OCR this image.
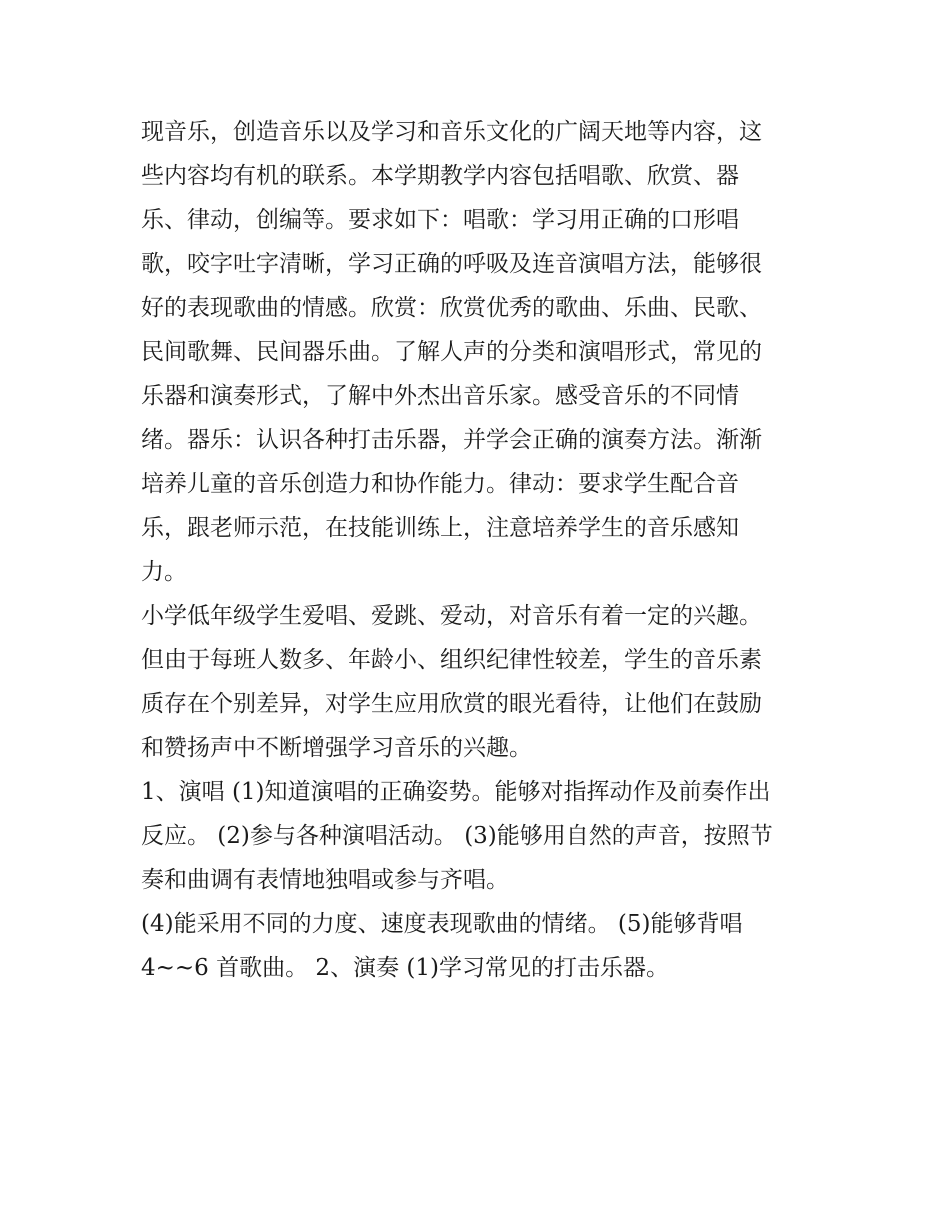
现音乐，创造音乐以及学习和音乐文化的广阔天地等内容，这
些内容均有机的联系。本学期教学内容包括唱歌、欣赏、器
乐、律动，创编等。要求如下：唱歌：学习用正确的口形唱
歌，咬字吐字清晰，学习正确的呼吸及连音演唱方法，能够很
好的表现歌曲的情感。欣赏：欣赏优秀的歌曲、乐曲、民歌、
民间歌舞、民间器乐曲。了解人声的分类和演唱形式，常见的
乐器和演奏形式，了解中外杰出音乐家。感受音乐的不同情
绪。器乐：认识各种打击乐器，并学会正确的演奏方法。渐渐
培养儿童的音乐创造力和协作能力。律动：要求学生配合音
乐，跟老师示范，在技能训练上，注意培养学生的音乐感知
力。
小学低年级学生爱唱、爱跳、爱动，对音乐有着一定的兴趣。
但由于每班人数多、年龄小、组织纪律性较差，学生的音乐素
质存在个别差异，对学生应用欣赏的眼光看待，让他们在鼓励
和赞扬声中不断增强学习音乐的兴趣。
1、演唱 (1)知道演唱的正确姿势。能够对指挥动作及前奏作出
反应。 (2)参与各种演唱活动。 (3)能够用自然的声音，按照节
奏和曲调有表情地独唱或参与齐唱。
(4)能采用不同的力度、速度表现歌曲的情绪。 (5)能够背唱
4~~6 首歌曲。 2、演奏 (1)学习常见的打击乐器。
